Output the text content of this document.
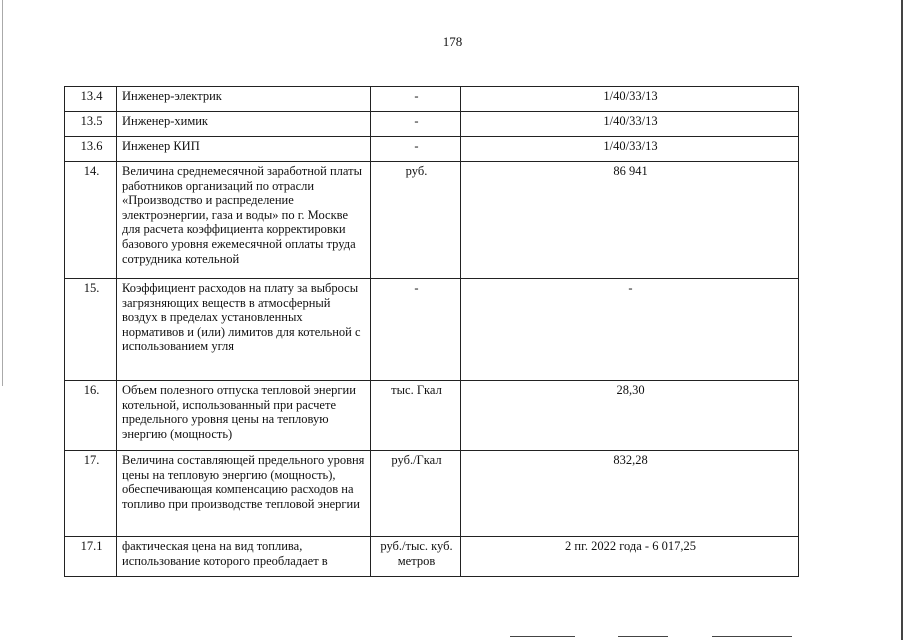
178
13.4	Инженер-электрик	-	1/40/33/13
13.5	Инженер-химик	-	1/40/33/13
13.6	Инженер КИП	-	1/40/33/13
14.	Величина среднемесячной заработной платы работников организаций по отрасли «Производство и распределение электроэнергии, газа и воды» по г. Москве для расчета коэффициента корректировки базового уровня ежемесячной оплаты труда сотрудника котельной	руб.	86 941
15.	Коэффициент расходов на плату за выбросы загрязняющих веществ в атмосферный воздух в пределах установленных нормативов и (или) лимитов для котельной с использованием угля	-	-
16.	Объем полезного отпуска тепловой энергии котельной, использованный при расчете предельного уровня цены на тепловую энергию (мощность)	тыс. Гкал	28,30
17.	Величина составляющей предельного уровня цены на тепловую энергию (мощность), обеспечивающая компенсацию расходов на топливо при производстве тепловой энергии	руб./Гкал	832,28
17.1	фактическая цена на вид топлива, использование которого преобладает в	руб./тыс. куб. метров	2 пг. 2022 года - 6 017,25
